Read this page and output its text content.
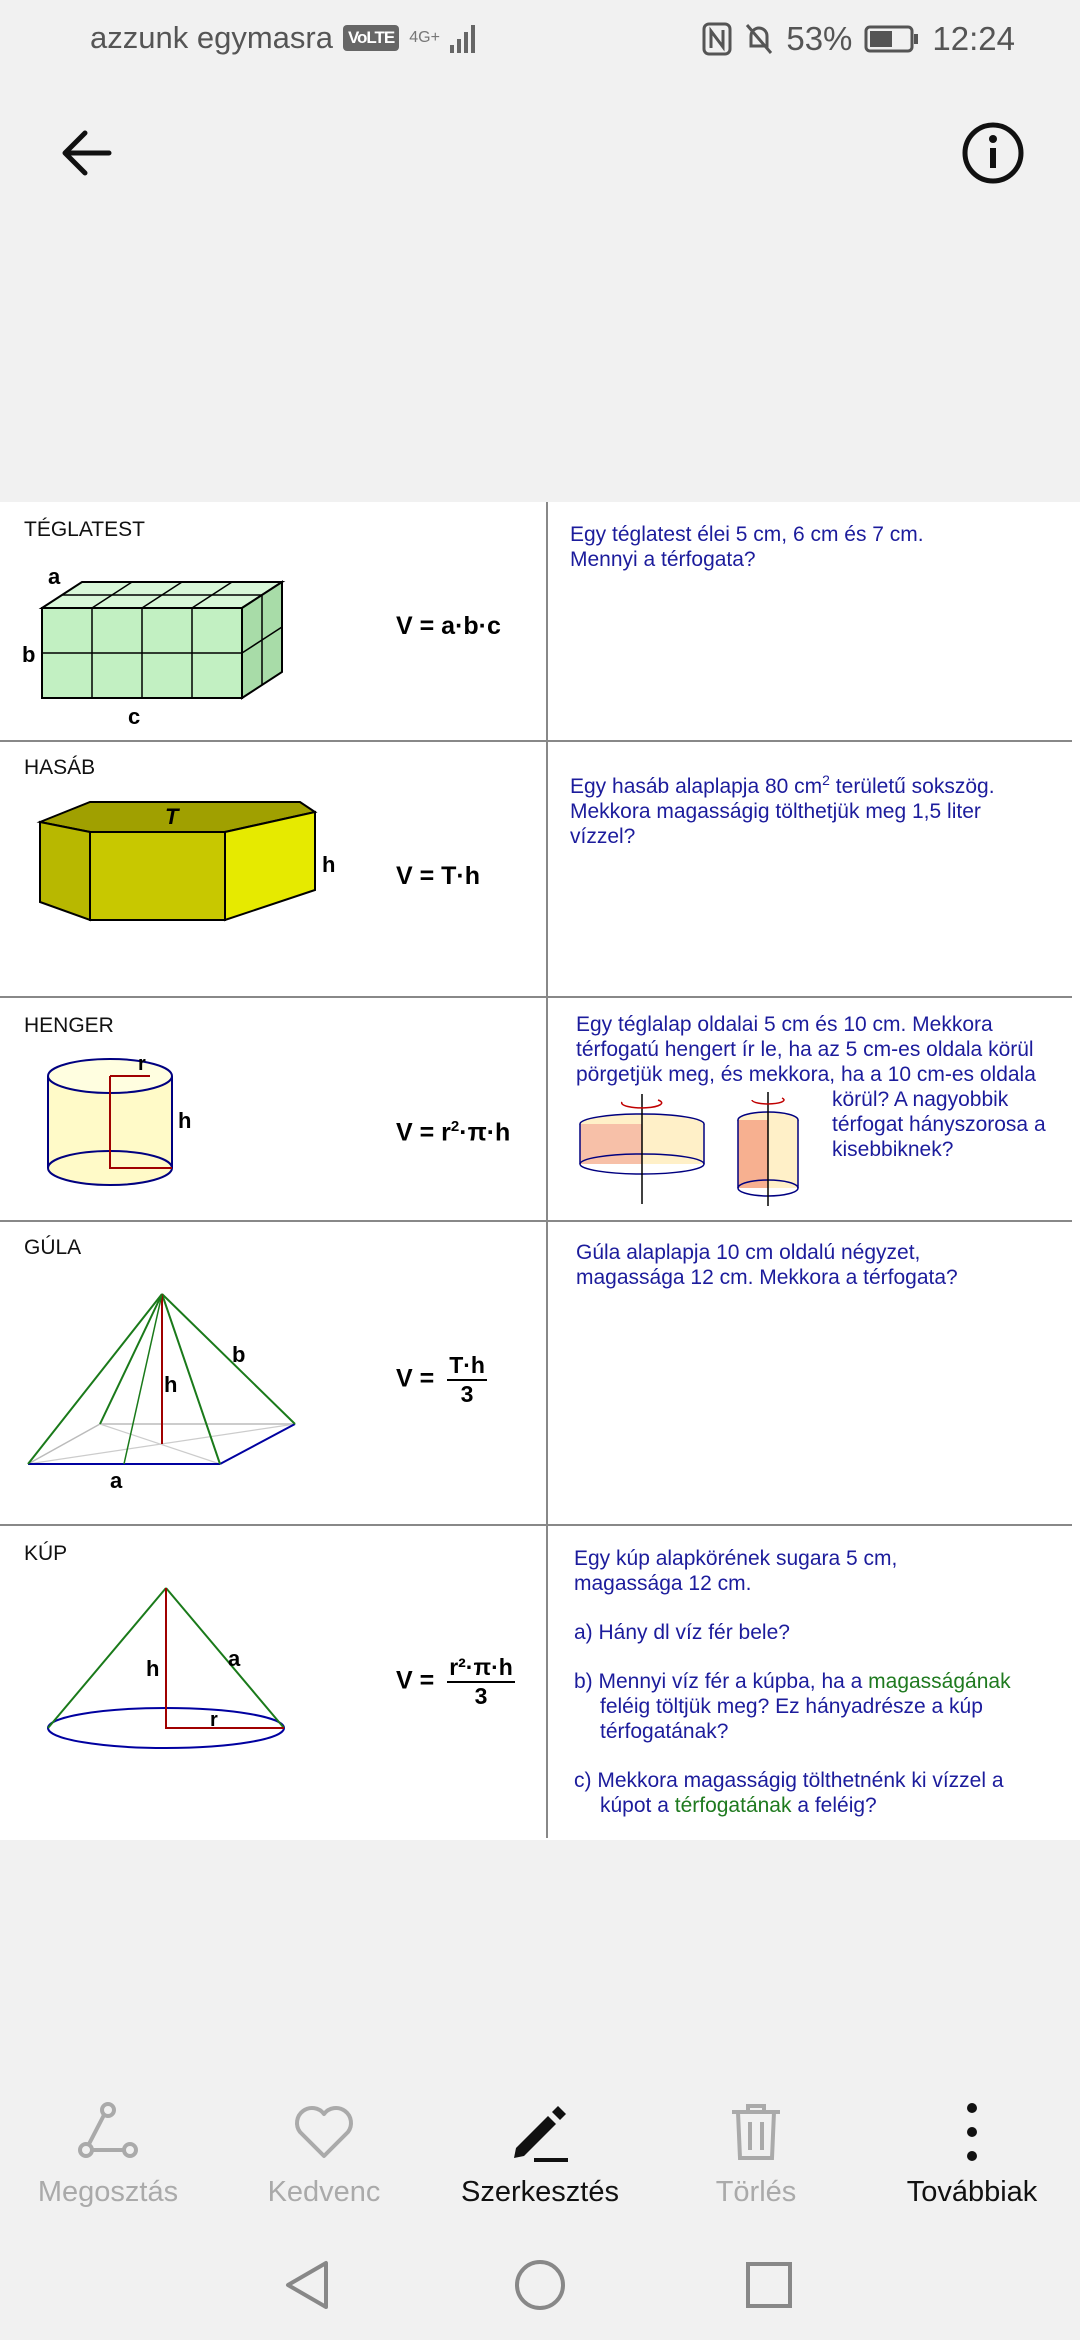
azzunk egymasra VoLTE 4G+	53% 12:24
TÉGLATEST
a
b
c
V = a·b·c
Egy téglatest élei 5 cm, 6 cm és 7 cm.
Mennyi a térfogata?
HASÁB
T
h V = T·h
Egy hasáb alaplapja 80 $cm^2$ területű sokszög.
Mekkora magasságig tölthetjük meg 1,5 liter
vízzel?
HENGER
r
h	$V = r^2\cdot\pi\cdot h$
Egy téglalap oldalai 5 cm és 10 cm. Mekkora
térfogatú hengert ír le, ha az 5 cm-es oldala körül
pörgetjük meg, és mekkora, ha a 10 cm-es oldala
körül? A nagyobbik
térfogat hányszorosa a
kisebbiknek?
GÚLA
b
h
a
$V = \frac{T\cdot h}{3}$
Gúla alaplapja 10 cm oldalú négyzet,
magassága 12 cm. Mekkora a térfogata?
KÚP
h	a
r
$V = \frac{\text{r²·π·h}}{3}$
Egy kúp alapkörének sugara 5 cm,
magassága 12 cm.
a) Hány dl víz fér bele?
b) Mennyi víz fér a kúpba, ha a magasságának
feléig töltjük meg? Ez hányadrésze a kúp
térfogatának?
c) Mekkora magasságig tölthetnénk ki vízzel a
kúpot a térfogatának a feléig?
Megosztás	Kedvenc	Szerkesztés	Törlés	Továbbiak
